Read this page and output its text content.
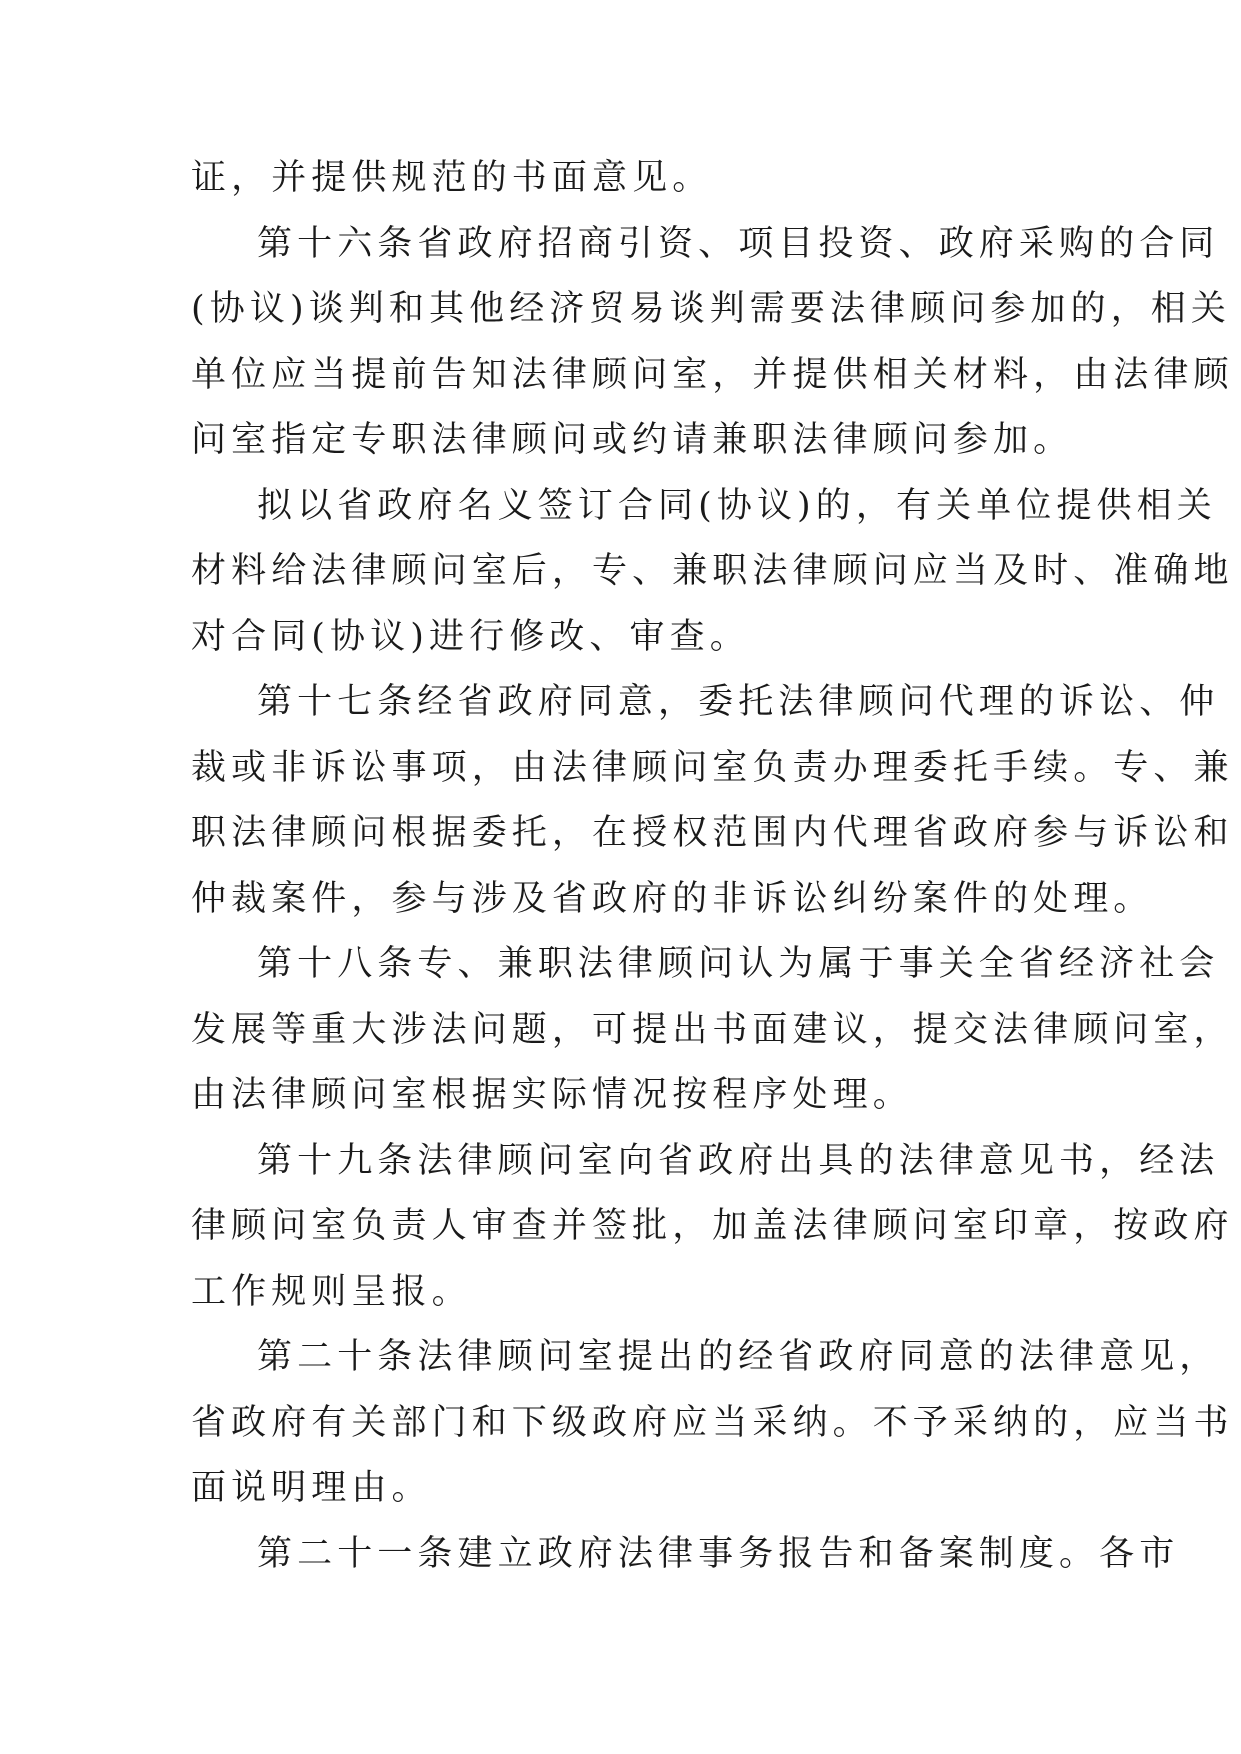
证，并提供规范的书面意见。

第十六条省政府招商引资、项目投资、政府采购的合同
(协议)谈判和其他经济贸易谈判需要法律顾问参加的，相关
单位应当提前告知法律顾问室，并提供相关材料，由法律顾
问室指定专职法律顾问或约请兼职法律顾问参加。

拟以省政府名义签订合同(协议)的，有关单位提供相关
材料给法律顾问室后，专、兼职法律顾问应当及时、准确地
对合同(协议)进行修改、审查。

第十七条经省政府同意，委托法律顾问代理的诉讼、仲
裁或非诉讼事项，由法律顾问室负责办理委托手续。专、兼
职法律顾问根据委托，在授权范围内代理省政府参与诉讼和
仲裁案件，参与涉及省政府的非诉讼纠纷案件的处理。

第十八条专、兼职法律顾问认为属于事关全省经济社会
发展等重大涉法问题，可提出书面建议，提交法律顾问室，
由法律顾问室根据实际情况按程序处理。

第十九条法律顾问室向省政府出具的法律意见书，经法
律顾问室负责人审查并签批，加盖法律顾问室印章，按政府
工作规则呈报。

第二十条法律顾问室提出的经省政府同意的法律意见，
省政府有关部门和下级政府应当采纳。不予采纳的，应当书
面说明理由。

第二十一条建立政府法律事务报告和备案制度。各市
